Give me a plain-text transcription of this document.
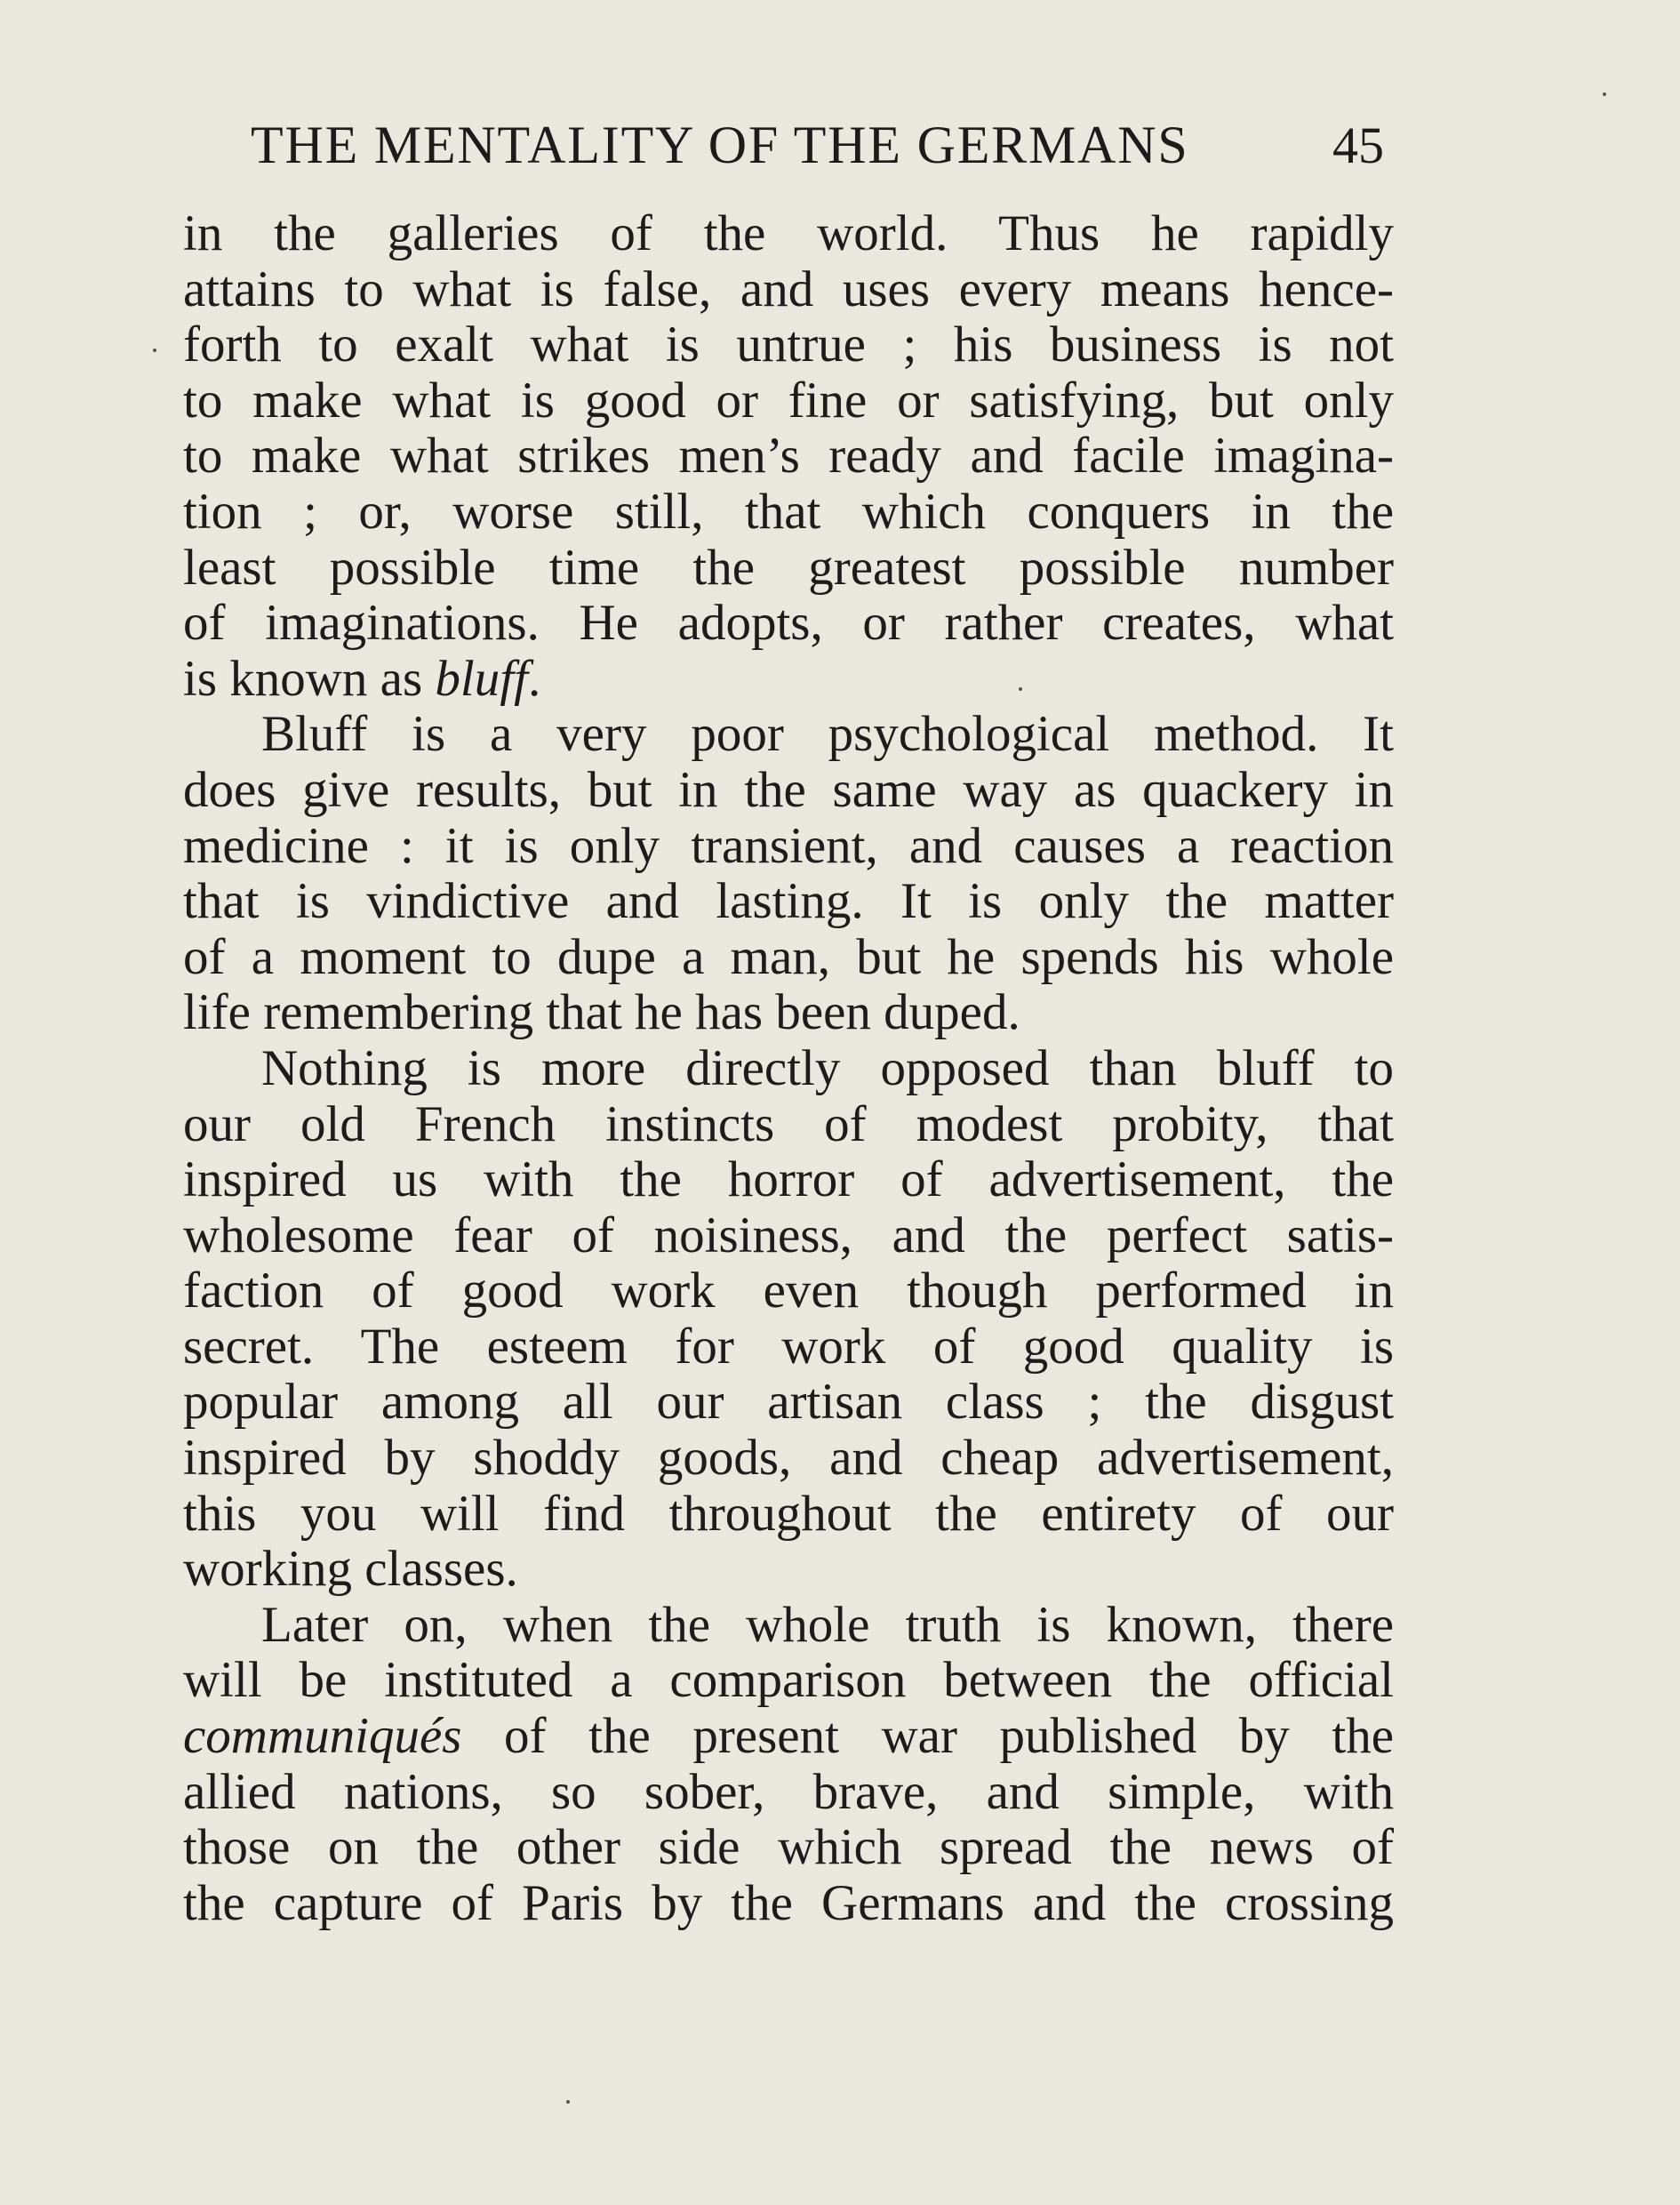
THE MENTALITY OF THE GERMANS	45
in the galleries of the world. Thus he rapidly
attains to what is false, and uses every means hence-
forth to exalt what is untrue ; his business is not
to make what is good or fine or satisfying, but only
to make what strikes men’s ready and facile imagina-
tion ; or, worse still, that which conquers in the
least possible time the greatest possible number
of imaginations. He adopts, or rather creates, what
is known as bluff.
Bluff is a very poor psychological method. It
does give results, but in the same way as quackery in
medicine : it is only transient, and causes a reaction
that is vindictive and lasting. It is only the matter
of a moment to dupe a man, but he spends his whole
life remembering that he has been duped.
Nothing is more directly opposed than bluff to
our old French instincts of modest probity, that
inspired us with the horror of advertisement, the
wholesome fear of noisiness, and the perfect satis-
faction of good work even though performed in
secret. The esteem for work of good quality is
popular among all our artisan class ; the disgust
inspired by shoddy goods, and cheap advertisement,
this you will find throughout the entirety of our
working classes.
Later on, when the whole truth is known, there
will be instituted a comparison between the official
communiqués of the present war published by the
allied nations, so sober, brave, and simple, with
those on the other side which spread the news of
the capture of Paris by the Germans and the crossing
